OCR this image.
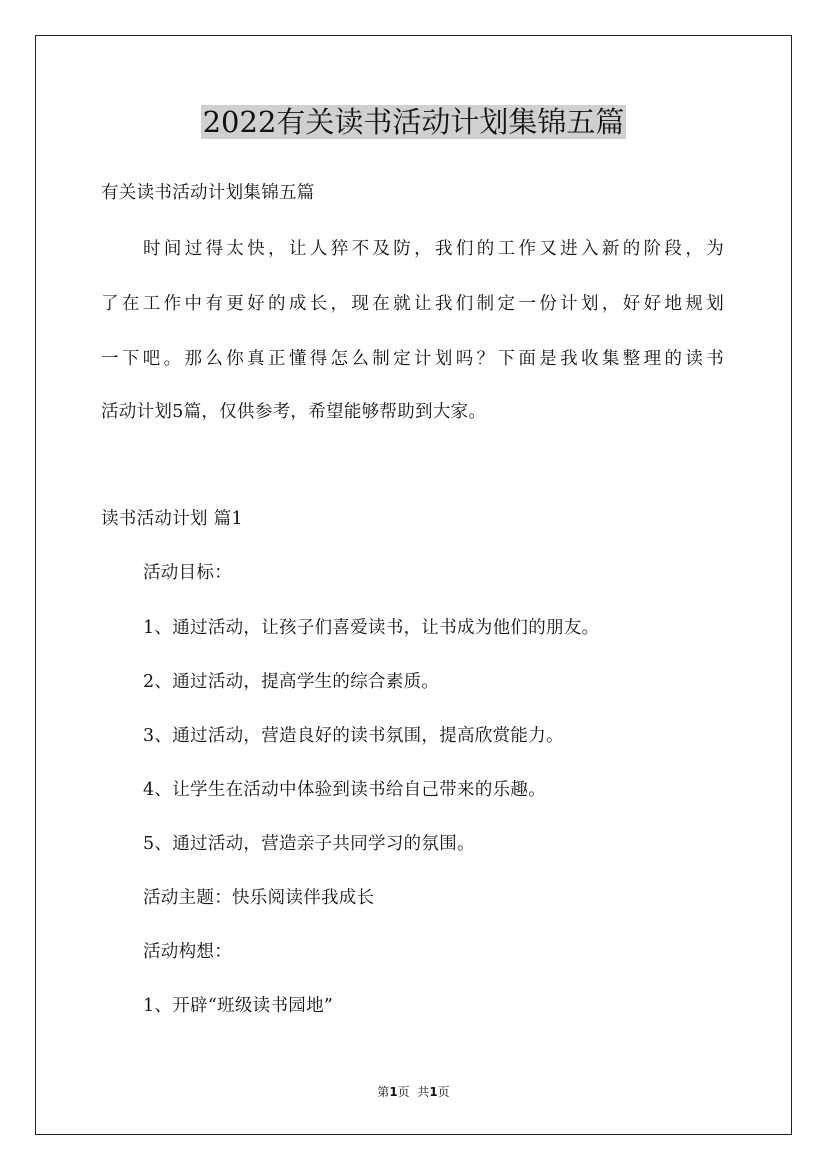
2022有关读书活动计划集锦五篇
有关读书活动计划集锦五篇
时间过得太快，让人猝不及防，我们的工作又进入新的阶段，为
了在工作中有更好的成长，现在就让我们制定一份计划，好好地规划
一下吧。那么你真正懂得怎么制定计划吗？下面是我收集整理的读书
活动计划5篇，仅供参考，希望能够帮助到大家。
读书活动计划 篇1
活动目标：
1、通过活动，让孩子们喜爱读书，让书成为他们的朋友。
2、通过活动，提高学生的综合素质。
3、通过活动，营造良好的读书氛围，提高欣赏能力。
4、让学生在活动中体验到读书给自己带来的乐趣。
5、通过活动，营造亲子共同学习的氛围。
活动主题：快乐阅读伴我成长
活动构想：
1、开辟“班级读书园地”
第1页  共1页
